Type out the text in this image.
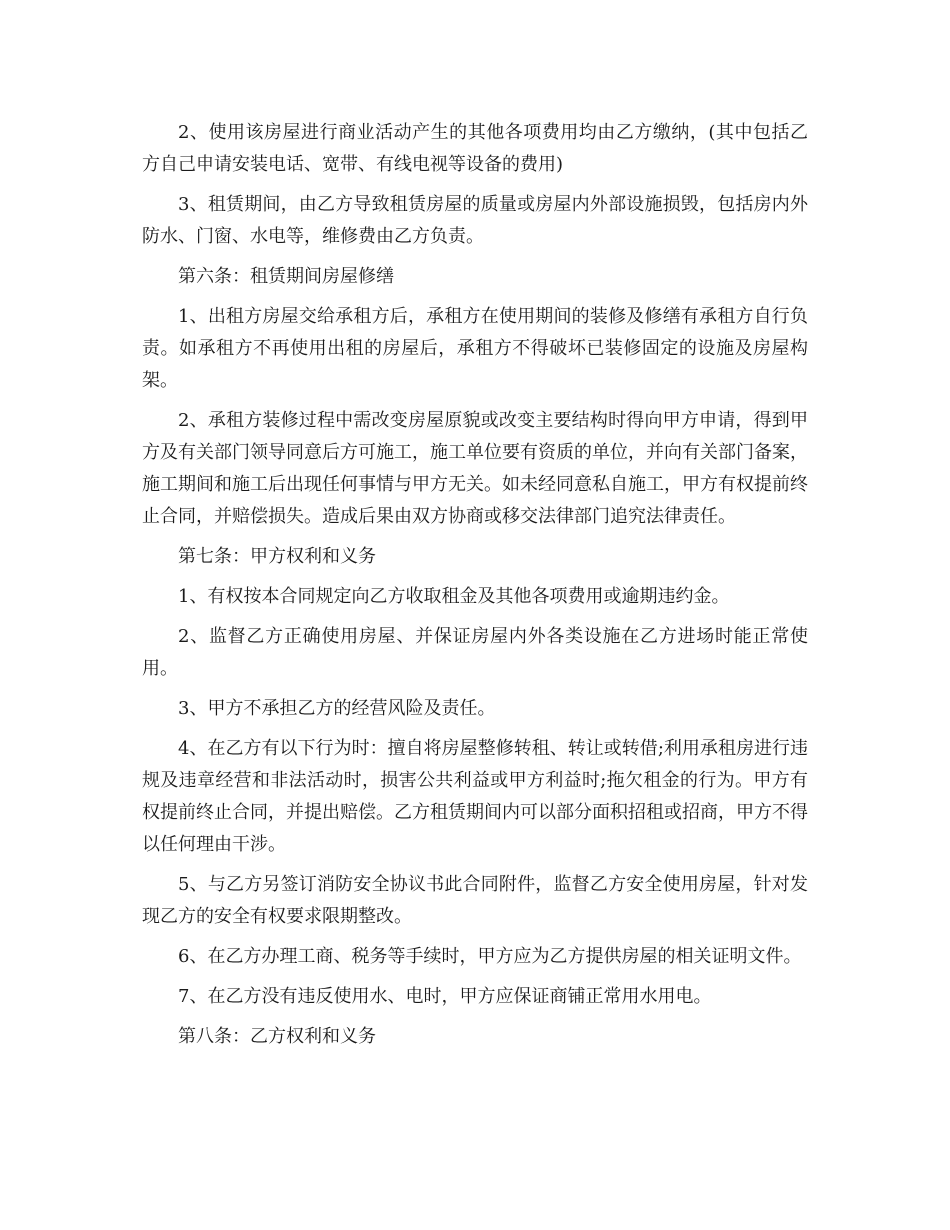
2、使用该房屋进行商业活动产生的其他各项费用均由乙方缴纳，(其中包括乙方自己申请安装电话、宽带、有线电视等设备的费用)

3、租赁期间，由乙方导致租赁房屋的质量或房屋内外部设施损毁，包括房内外防水、门窗、水电等，维修费由乙方负责。

第六条：租赁期间房屋修缮

1、出租方房屋交给承租方后，承租方在使用期间的装修及修缮有承租方自行负责。如承租方不再使用出租的房屋后，承租方不得破坏已装修固定的设施及房屋构架。

2、承租方装修过程中需改变房屋原貌或改变主要结构时得向甲方申请，得到甲方及有关部门领导同意后方可施工，施工单位要有资质的单位，并向有关部门备案，施工期间和施工后出现任何事情与甲方无关。如未经同意私自施工，甲方有权提前终止合同，并赔偿损失。造成后果由双方协商或移交法律部门追究法律责任。

第七条：甲方权利和义务

1、有权按本合同规定向乙方收取租金及其他各项费用或逾期违约金。

2、监督乙方正确使用房屋、并保证房屋内外各类设施在乙方进场时能正常使用。

3、甲方不承担乙方的经营风险及责任。

4、在乙方有以下行为时：擅自将房屋整修转租、转让或转借;利用承租房进行违规及违章经营和非法活动时，损害公共利益或甲方利益时;拖欠租金的行为。甲方有权提前终止合同，并提出赔偿。乙方租赁期间内可以部分面积招租或招商，甲方不得以任何理由干涉。

5、与乙方另签订消防安全协议书此合同附件，监督乙方安全使用房屋，针对发现乙方的安全有权要求限期整改。

6、在乙方办理工商、税务等手续时，甲方应为乙方提供房屋的相关证明文件。

7、在乙方没有违反使用水、电时，甲方应保证商铺正常用水用电。

第八条：乙方权利和义务
